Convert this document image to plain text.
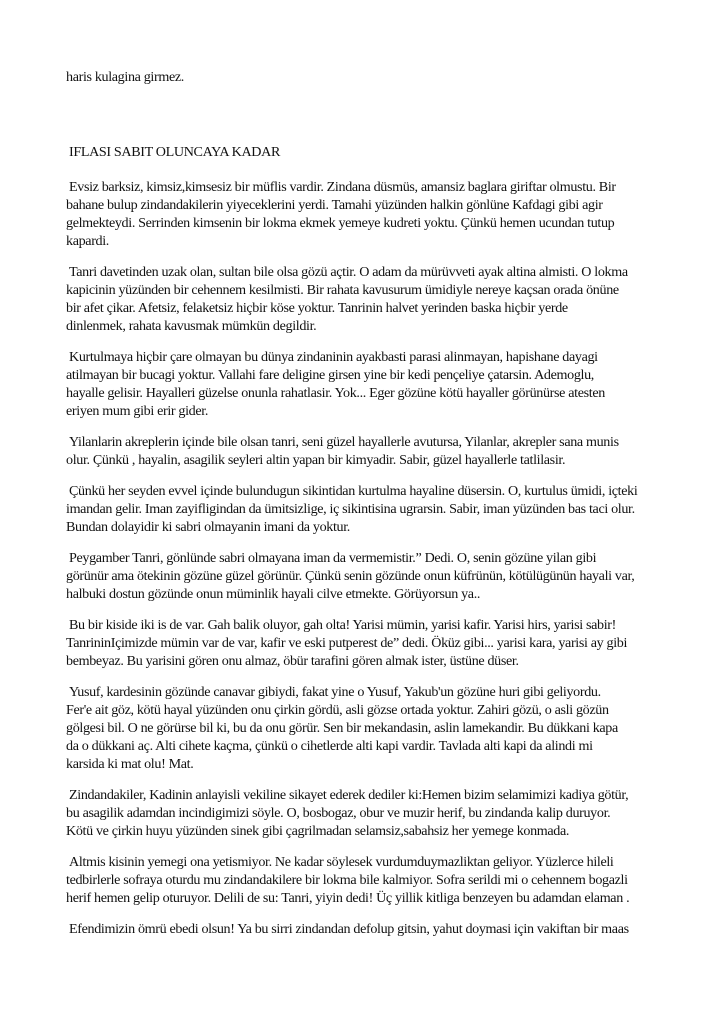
haris kulagina girmez.
IFLASI SABIT OLUNCAYA KADAR
Evsiz barksiz, kimsiz,kimsesiz bir müflis vardir. Zindana düsmüs, amansiz baglara giriftar olmustu. Bir
bahane bulup zindandakilerin yiyeceklerini yerdi. Tamahi yüzünden halkin gönlüne Kafdagi gibi agir
gelmekteydi. Serrinden kimsenin bir lokma ekmek yemeye kudreti yoktu. Çünkü hemen ucundan tutup
kapardi.
Tanri davetinden uzak olan, sultan bile olsa gözü açtir. O adam da mürüvveti ayak altina almisti. O lokma
kapicinin yüzünden bir cehennem kesilmisti. Bir rahata kavusurum ümidiyle nereye kaçsan orada önüne
bir afet çikar. Afetsiz, felaketsiz hiçbir köse yoktur. Tanrinin halvet yerinden baska hiçbir yerde
dinlenmek, rahata kavusmak mümkün degildir.
Kurtulmaya hiçbir çare olmayan bu dünya zindaninin ayakbasti parasi alinmayan, hapishane dayagi
atilmayan bir bucagi yoktur. Vallahi fare deligine girsen yine bir kedi pençeliye çatarsin. Ademoglu,
hayalle gelisir. Hayalleri güzelse onunla rahatlasir. Yok... Eger gözüne kötü hayaller görünürse atesten
eriyen mum gibi erir gider.
Yilanlarin akreplerin içinde bile olsan tanri, seni güzel hayallerle avutursa, Yilanlar, akrepler sana munis
olur. Çünkü , hayalin, asagilik seyleri altin yapan bir kimyadir. Sabir, güzel hayallerle tatlilasir.
Çünkü her seyden evvel içinde bulundugun sikintidan kurtulma hayaline düsersin. O, kurtulus ümidi, içteki
imandan gelir. Iman zayifligindan da ümitsizlige, iç sikintisina ugrarsin. Sabir, iman yüzünden bas taci olur.
Bundan dolayidir ki sabri olmayanin imani da yoktur.
Peygamber Tanri, gönlünde sabri olmayana iman da vermemistir.” Dedi. O, senin gözüne yilan gibi
görünür ama ötekinin gözüne güzel görünür. Çünkü senin gözünde onun küfrünün, kötülügünün hayali var,
halbuki dostun gözünde onun müminlik hayali cilve etmekte. Görüyorsun ya..
Bu bir kiside iki is de var. Gah balik oluyor, gah olta! Yarisi mümin, yarisi kafir. Yarisi hirs, yarisi sabir!
TanrininIçimizde mümin var de var, kafir ve eski putperest de” dedi. Öküz gibi... yarisi kara, yarisi ay gibi
bembeyaz. Bu yarisini gören onu almaz, öbür tarafini gören almak ister, üstüne düser.
Yusuf, kardesinin gözünde canavar gibiydi, fakat yine o Yusuf, Yakub'un gözüne huri gibi geliyordu.
Fer'e ait göz, kötü hayal yüzünden onu çirkin gördü, asli gözse ortada yoktur. Zahiri gözü, o asli gözün
gölgesi bil. O ne görürse bil ki, bu da onu görür. Sen bir mekandasin, aslin lamekandir. Bu dükkani kapa
da o dükkani aç. Alti cihete kaçma, çünkü o cihetlerde alti kapi vardir. Tavlada alti kapi da alindi mi
karsida ki mat olu! Mat.
Zindandakiler, Kadinin anlayisli vekiline sikayet ederek dediler ki:Hemen bizim selamimizi kadiya götür,
bu asagilik adamdan incindigimizi söyle. O, bosbogaz, obur ve muzir herif, bu zindanda kalip duruyor.
Kötü ve çirkin huyu yüzünden sinek gibi çagrilmadan selamsiz,sabahsiz her yemege konmada.
Altmis kisinin yemegi ona yetismiyor. Ne kadar söylesek vurdumduymazliktan geliyor. Yüzlerce hileli
tedbirlerle sofraya oturdu mu zindandakilere bir lokma bile kalmiyor. Sofra serildi mi o cehennem bogazli
herif hemen gelip oturuyor. Delili de su: Tanri, yiyin dedi! Üç yillik kitliga benzeyen bu adamdan elaman .
Efendimizin ömrü ebedi olsun! Ya bu sirri zindandan defolup gitsin, yahut doymasi için vakiftan bir maas
